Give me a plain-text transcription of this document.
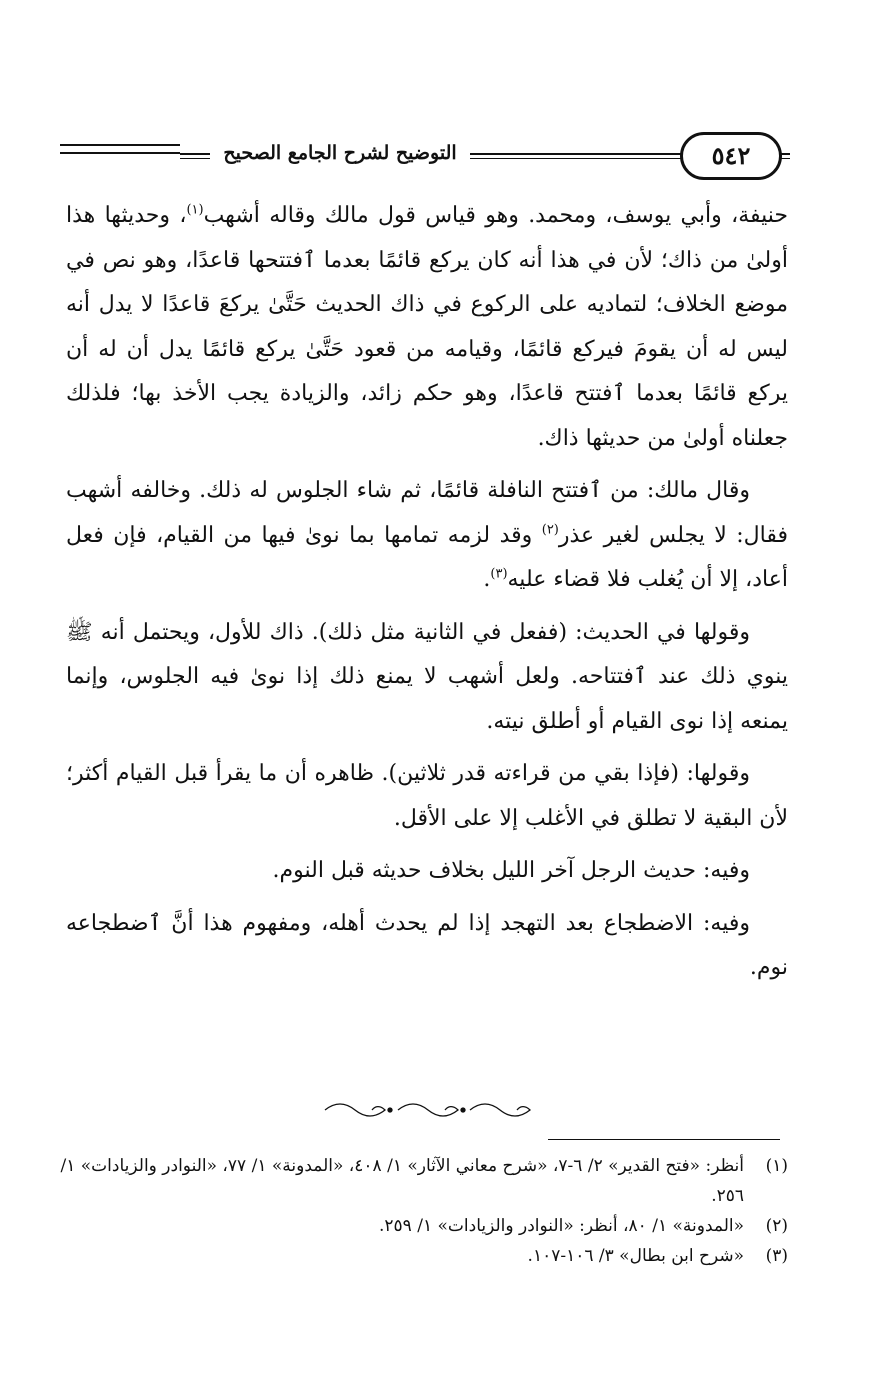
التوضيح لشرح الجامع الصحيح	٥٤٢

حنيفة، وأبي يوسف، ومحمد. وهو قياس قول مالك وقاله أشهب$^{(١)}$، وحديثها هذا أولىٰ من ذاك؛ لأن في هذا أنه كان يركع قائمًا بعدما ٱفتتحها قاعدًا، وهو نص في موضع الخلاف؛ لتماديه على الركوع في ذاك الحديث حَتَّىٰ يركعَ قاعدًا لا يدل أنه ليس له أن يقومَ فيركع قائمًا، وقيامه من قعود حَتَّىٰ يركع قائمًا يدل أن له أن يركع قائمًا بعدما ٱفتتح قاعدًا، وهو حكم زائد، والزيادة يجب الأخذ بها؛ فلذلك جعلناه أولىٰ من حديثها ذاك.

وقال مالك: من ٱفتتح النافلة قائمًا، ثم شاء الجلوس له ذلك. وخالفه أشهب فقال: لا يجلس لغير عذر$^{(٢)}$ وقد لزمه تمامها بما نوىٰ فيها من القيام، فإن فعل أعاد، إلا أن يُغلب فلا قضاء عليه$^{(٣)}$.

وقولها في الحديث: (ففعل في الثانية مثل ذلك). ذاك للأول، ويحتمل أنه ﷺ ينوي ذلك عند ٱفتتاحه. ولعل أشهب لا يمنع ذلك إذا نوىٰ فيه الجلوس، وإنما يمنعه إذا نوى القيام أو أطلق نيته.

وقولها: (فإذا بقي من قراءته قدر ثلاثين). ظاهره أن ما يقرأ قبل القيام أكثر؛ لأن البقية لا تطلق في الأغلب إلا على الأقل.

وفيه: حديث الرجل آخر الليل بخلاف حديثه قبل النوم.

وفيه: الاضطجاع بعد التهجد إذا لم يحدث أهله، ومفهوم هذا أنَّ ٱضطجاعه نوم.

(١)
أنظر: «فتح القدير» ٢/ ٦-٧، «شرح معاني الآثار» ١/ ٤٠٨، «المدونة» ١/ ٧٧، «النوادر والزيادات» ١/ ٢٥٦.
(٢)
«المدونة» ١/ ٨٠، أنظر: «النوادر والزيادات» ١/ ٢٥٩.
(٣)
«شرح ابن بطال» ٣/ ١٠٦-١٠٧.
